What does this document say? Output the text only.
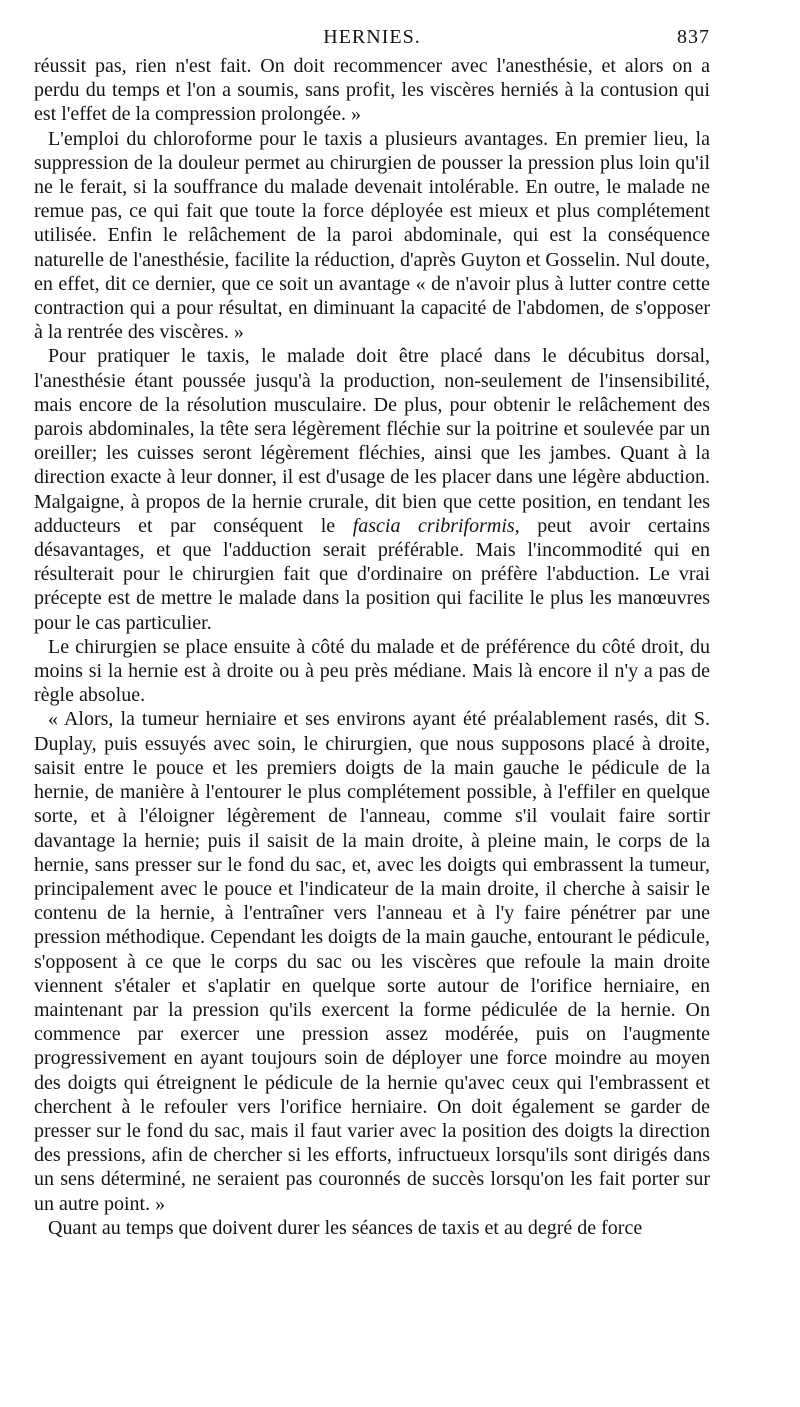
HERNIES.	837

réussit pas, rien n'est fait. On doit recommencer avec l'anesthésie, et alors on a perdu du temps et l'on a soumis, sans profit, les viscères herniés à la contusion qui est l'effet de la compression prolongée. »

L'emploi du chloroforme pour le taxis a plusieurs avantages. En premier lieu, la suppression de la douleur permet au chirurgien de pousser la pression plus loin qu'il ne le ferait, si la souffrance du malade devenait intolérable. En outre, le malade ne remue pas, ce qui fait que toute la force déployée est mieux et plus complétement utilisée. Enfin le relâchement de la paroi abdominale, qui est la conséquence naturelle de l'anesthésie, facilite la réduction, d'après Guyton et Gosselin. Nul doute, en effet, dit ce dernier, que ce soit un avantage « de n'avoir plus à lutter contre cette contraction qui a pour résultat, en diminuant la capacité de l'abdomen, de s'opposer à la rentrée des viscères. »

Pour pratiquer le taxis, le malade doit être placé dans le décubitus dorsal, l'anesthésie étant poussée jusqu'à la production, non-seulement de l'insensibilité, mais encore de la résolution musculaire. De plus, pour obtenir le relâchement des parois abdominales, la tête sera légèrement fléchie sur la poitrine et soulevée par un oreiller; les cuisses seront légèrement fléchies, ainsi que les jambes. Quant à la direction exacte à leur donner, il est d'usage de les placer dans une légère abduction. Malgaigne, à propos de la hernie crurale, dit bien que cette position, en tendant les adducteurs et par conséquent le fascia cribriformis, peut avoir certains désavantages, et que l'adduction serait préférable. Mais l'incommodité qui en résulterait pour le chirurgien fait que d'ordinaire on préfère l'abduction. Le vrai précepte est de mettre le malade dans la position qui facilite le plus les manœuvres pour le cas particulier.

Le chirurgien se place ensuite à côté du malade et de préférence du côté droit, du moins si la hernie est à droite ou à peu près médiane. Mais là encore il n'y a pas de règle absolue.

« Alors, la tumeur herniaire et ses environs ayant été préalablement rasés, dit S. Duplay, puis essuyés avec soin, le chirurgien, que nous supposons placé à droite, saisit entre le pouce et les premiers doigts de la main gauche le pédicule de la hernie, de manière à l'entourer le plus complétement possible, à l'effiler en quelque sorte, et à l'éloigner légèrement de l'anneau, comme s'il voulait faire sortir davantage la hernie; puis il saisit de la main droite, à pleine main, le corps de la hernie, sans presser sur le fond du sac, et, avec les doigts qui embrassent la tumeur, principalement avec le pouce et l'indicateur de la main droite, il cherche à saisir le contenu de la hernie, à l'entraîner vers l'anneau et à l'y faire pénétrer par une pression méthodique. Cependant les doigts de la main gauche, entourant le pédicule, s'opposent à ce que le corps du sac ou les viscères que refoule la main droite viennent s'étaler et s'aplatir en quelque sorte autour de l'orifice herniaire, en maintenant par la pression qu'ils exercent la forme pédiculée de la hernie. On commence par exercer une pression assez modérée, puis on l'augmente progressivement en ayant toujours soin de déployer une force moindre au moyen des doigts qui étreignent le pédicule de la hernie qu'avec ceux qui l'embrassent et cherchent à le refouler vers l'orifice herniaire. On doit également se garder de presser sur le fond du sac, mais il faut varier avec la position des doigts la direction des pressions, afin de chercher si les efforts, infructueux lorsqu'ils sont dirigés dans un sens déterminé, ne seraient pas couronnés de succès lorsqu'on les fait porter sur un autre point. »

Quant au temps que doivent durer les séances de taxis et au degré de force
